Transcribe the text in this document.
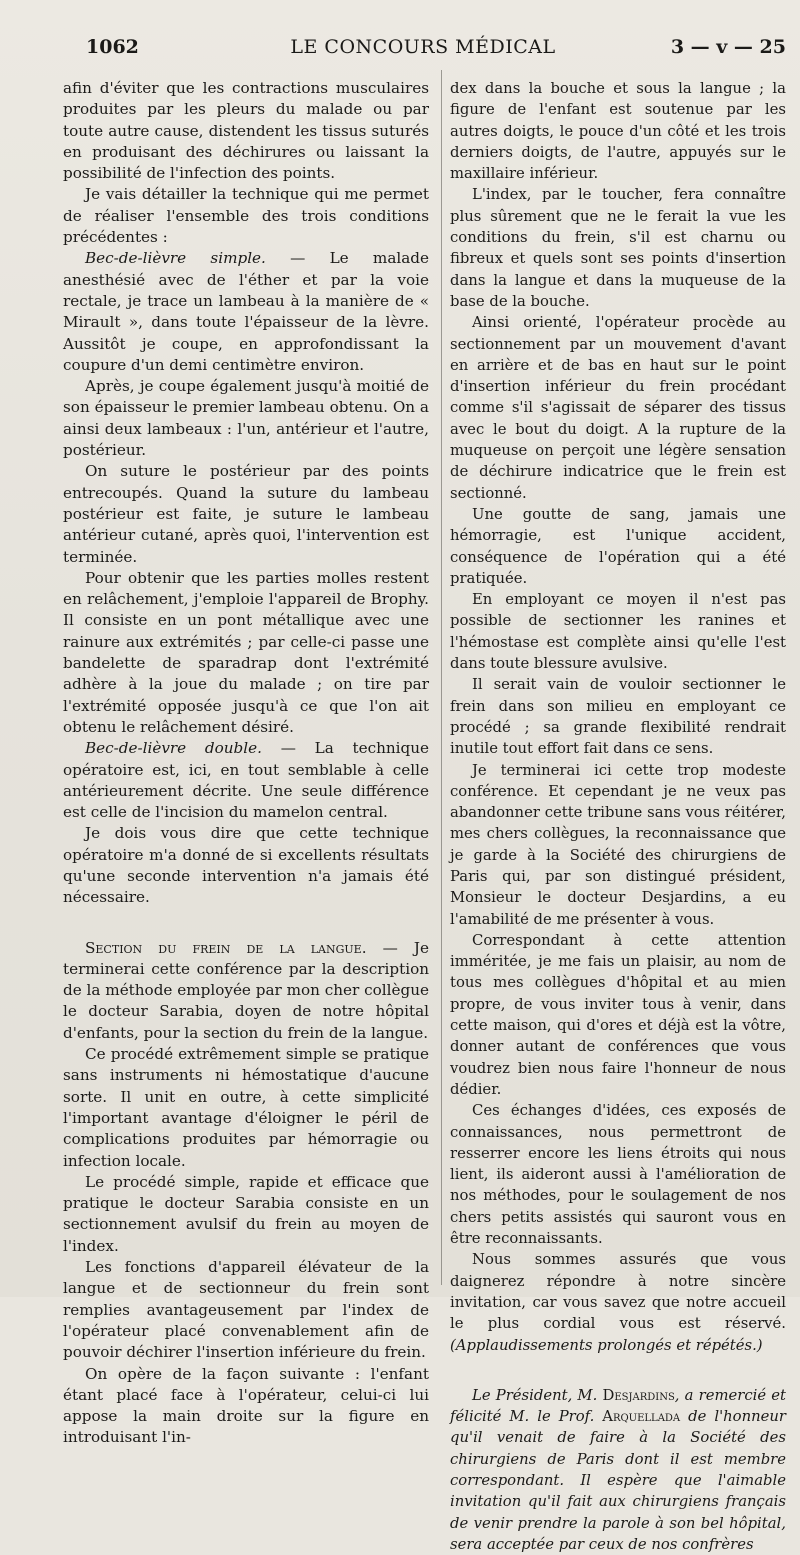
1062	LE CONCOURS MÉDICAL	3 — v — 25

afin d'éviter que les contractions musculaires produites par les pleurs du malade ou par toute autre cause, distendent les tissus suturés en produisant des déchirures ou laissant la possibilité de l'infection des points.

Je vais détailler la technique qui me permet de réaliser l'ensemble des trois conditions précédentes :

Bec-de-lièvre simple. — Le malade anesthésié avec de l'éther et par la voie rectale, je trace un lambeau à la manière de « Mirault », dans toute l'épaisseur de la lèvre. Aussitôt je coupe, en approfondissant la coupure d'un demi centimètre environ.

Après, je coupe également jusqu'à moitié de son épaisseur le premier lambeau obtenu. On a ainsi deux lambeaux : l'un, antérieur et l'autre, postérieur.

On suture le postérieur par des points entrecoupés. Quand la suture du lambeau postérieur est faite, je suture le lambeau antérieur cutané, après quoi, l'intervention est terminée.

Pour obtenir que les parties molles restent en relâchement, j'emploie l'appareil de Brophy. Il consiste en un pont métallique avec une rainure aux extrémités ; par celle-ci passe une bandelette de sparadrap dont l'extrémité adhère à la joue du malade ; on tire par l'extrémité opposée jusqu'à ce que l'on ait obtenu le relâchement désiré.

Bec-de-lièvre double. — La technique opératoire est, ici, en tout semblable à celle antérieurement décrite. Une seule différence est celle de l'incision du mamelon central.

Je dois vous dire que cette technique opératoire m'a donné de si excellents résultats qu'une seconde intervention n'a jamais été nécessaire.

Section du frein de la langue. — Je terminerai cette conférence par la description de la méthode employée par mon cher collègue le docteur Sarabia, doyen de notre hôpital d'enfants, pour la section du frein de la langue.

Ce procédé extrêmement simple se pratique sans instruments ni hémostatique d'aucune sorte. Il unit en outre, à cette simplicité l'important avantage d'éloigner le péril de complications produites par hémorragie ou infection locale.

Le procédé simple, rapide et efficace que pratique le docteur Sarabia consiste en un sectionnement avulsif du frein au moyen de l'index.

Les fonctions d'appareil élévateur de la langue et de sectionneur du frein sont remplies avantageusement par l'index de l'opérateur placé convenablement afin de pouvoir déchirer l'insertion inférieure du frein.

On opère de la façon suivante : l'enfant étant placé face à l'opérateur, celui-ci lui appose la main droite sur la figure en introduisant l'in-

dex dans la bouche et sous la langue ; la figure de l'enfant est soutenue par les autres doigts, le pouce d'un côté et les trois derniers doigts, de l'autre, appuyés sur le maxillaire inférieur.

L'index, par le toucher, fera connaître plus sûrement que ne le ferait la vue les conditions du frein, s'il est charnu ou fibreux et quels sont ses points d'insertion dans la langue et dans la muqueuse de la base de la bouche.

Ainsi orienté, l'opérateur procède au sectionnement par un mouvement d'avant en arrière et de bas en haut sur le point d'insertion inférieur du frein procédant comme s'il s'agissait de séparer des tissus avec le bout du doigt. A la rupture de la muqueuse on perçoit une légère sensation de déchirure indicatrice que le frein est sectionné.

Une goutte de sang, jamais une hémorragie, est l'unique accident, conséquence de l'opération qui a été pratiquée.

En employant ce moyen il n'est pas possible de sectionner les ranines et l'hémostase est complète ainsi qu'elle l'est dans toute blessure avulsive.

Il serait vain de vouloir sectionner le frein dans son milieu en employant ce procédé ; sa grande flexibilité rendrait inutile tout effort fait dans ce sens.

Je terminerai ici cette trop modeste conférence. Et cependant je ne veux pas abandonner cette tribune sans vous réitérer, mes chers collègues, la reconnaissance que je garde à la Société des chirurgiens de Paris qui, par son distingué président, Monsieur le docteur Desjardins, a eu l'amabilité de me présenter à vous.

Correspondant à cette attention imméritée, je me fais un plaisir, au nom de tous mes collègues d'hôpital et au mien propre, de vous inviter tous à venir, dans cette maison, qui d'ores et déjà est la vôtre, donner autant de conférences que vous voudrez bien nous faire l'honneur de nous dédier.

Ces échanges d'idées, ces exposés de connaissances, nous permettront de resserrer encore les liens étroits qui nous lient, ils aideront aussi à l'amélioration de nos méthodes, pour le soulagement de nos chers petits assistés qui sauront vous en être reconnaissants.

Nous sommes assurés que vous daignerez répondre à notre sincère invitation, car vous savez que notre accueil le plus cordial vous est réservé. (Applaudissements prolongés et répétés.)

Le Président, M. Desjardins, a remercié et félicité M. le Prof. Arquellada de l'honneur qu'il venait de faire à la Société des chirurgiens de Paris dont il est membre correspondant. Il espère que l'aimable invitation qu'il fait aux chirurgiens français de venir prendre la parole à son bel hôpital, sera acceptée par ceux de nos confrères
